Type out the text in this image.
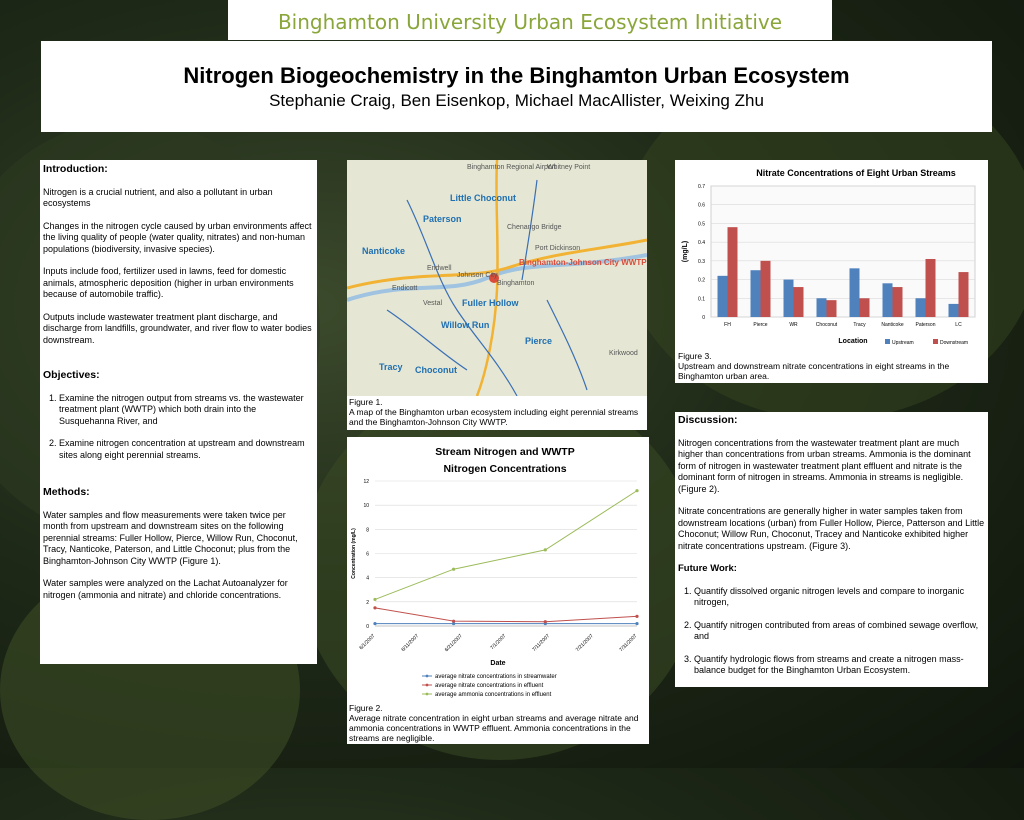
Binghamton University Urban Ecosystem Initiative
Nitrogen Biogeochemistry in the Binghamton Urban Ecosystem
Stephanie Craig, Ben Eisenkop, Michael MacAllister, Weixing Zhu
Introduction:

Nitrogen is a crucial nutrient, and also a pollutant in urban ecosystems

Changes in the nitrogen cycle caused by urban environments affect the living quality of people (water quality, nitrates) and non-human populations (biodiversity, invasive species).

Inputs include food, fertilizer used in lawns, feed for domestic animals, atmospheric deposition (higher in urban environments because of automobile traffic).

Outputs include wastewater treatment plant discharge, and discharge from landfills, groundwater, and river flow to water bodies downstream.

Objectives:
1. Examine the nitrogen output from streams vs. the wastewater treatment plant (WWTP) which both drain into the Susquehanna River, and
2. Examine nitrogen concentration at upstream and downstream sites along eight perennial streams.
Methods:

Water samples and flow measurements were taken twice per month from upstream and downstream sites on the following perennial streams: Fuller Hollow, Pierce, Willow Run, Choconut, Tracy, Nanticoke, Paterson, and Little Choconut; plus from the Binghamton-Johnson City WWTP (Figure 1).

Water samples were analyzed on the Lachat Autoanalyzer for nitrogen (ammonia and nitrate) and chloride concentrations.

Binghamton Regional Airport
Little Choconut
Paterson
Nanticoke
Binghamton-Johnson City WWTP
Fuller Hollow
Willow Run
Pierce
Tracy Choconut
Binghamton
Endicott
Endwell
Vestal
Johnson City
Port Dickinson
Whitney Point
Chenango Bridge
Kirkwood
Figure 1.
A map of the Binghamton urban ecosystem including eight perennial streams and the Binghamton-Johnson City WWTP.
Stream Nitrogen and WWTP
Nitrogen Concentrations
0
2
4
6
8
10
12
Concentration (mg/L)
6/1/2007	6/11/2007	6/21/2007	7/1/2007	7/11/2007	7/21/2007	7/31/2007
Date
average nitrate concentrations in streamwater
average nitrate concentrations in effluent
average ammonia concentrations in effluent
Figure 2.
Average nitrate concentration in eight urban streams and average nitrate and ammonia concentrations in WWTP effluent. Ammonia concentrations in the streams are negligible.
Nitrate Concentrations of Eight Urban Streams
0
0.1
0.2
0.3
0.4
0.5
0.6
0.7
(mg/L)
FH	Pierce	WR	Choconut	Tracy	Nanticoke Paterson	LC
Location	Upstream	Downstream
Figure 3.
Upstream and downstream nitrate concentrations in eight streams in the Binghamton urban area.
Discussion:

Nitrogen concentrations from the wastewater treatment plant are much higher than concentrations from urban streams. Ammonia is the dominant form of nitrogen in wastewater treatment plant effluent and nitrate is the dominant form of nitrogen in streams. Ammonia in streams is negligible. (Figure 2).

Nitrate concentrations are generally higher in water samples taken from downstream locations (urban) from Fuller Hollow, Pierce, Patterson and Little Choconut; Willow Run, Choconut, Tracey and Nanticoke exhibited higher nitrate concentrations upstream. (Figure 3).

Future Work:
1. Quantify dissolved organic nitrogen levels and compare to inorganic nitrogen,
2. Quantify nitrogen contributed from areas of combined sewage overflow, and
3. Quantify hydrologic flows from streams and create a nitrogen mass-balance budget for the Binghamton Urban Ecosystem.
